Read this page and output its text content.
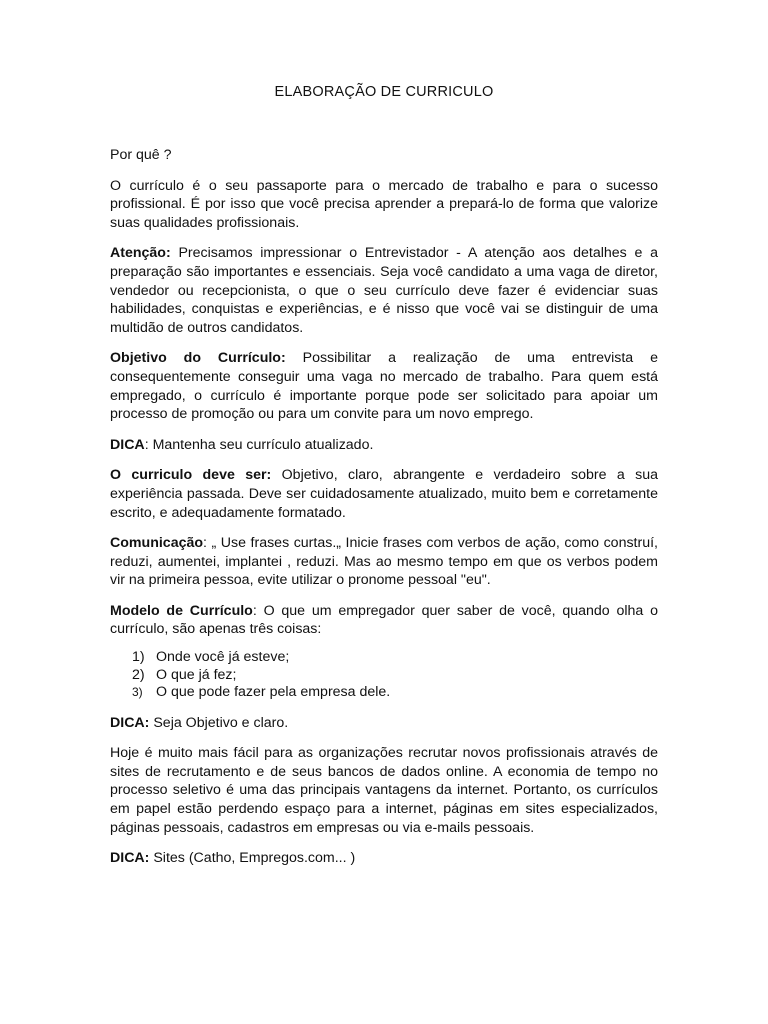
ELABORAÇÃO DE CURRICULO

Por quê ?

O currículo é o seu passaporte para o mercado de trabalho e para o sucesso profissional. É por isso que você precisa aprender a prepará-lo de forma que valorize suas qualidades profissionais.

Atenção: Precisamos impressionar o Entrevistador - A atenção aos detalhes e a preparação são importantes e essenciais. Seja você candidato a uma vaga de diretor, vendedor ou recepcionista, o que o seu currículo deve fazer é evidenciar suas habilidades, conquistas e experiências, e é nisso que você vai se distinguir de uma multidão de outros candidatos.

Objetivo do Currículo: Possibilitar a realização de uma entrevista e consequentemente conseguir uma vaga no mercado de trabalho. Para quem está empregado, o currículo é importante porque pode ser solicitado para apoiar um processo de promoção ou para um convite para um novo emprego.

DICA: Mantenha seu currículo atualizado.

O curriculo deve ser: Objetivo, claro, abrangente e verdadeiro sobre a sua experiência passada. Deve ser cuidadosamente atualizado, muito bem e corretamente escrito, e adequadamente formatado.

Comunicação: „ Use frases curtas.„ Inicie frases com verbos de ação, como construí, reduzi, aumentei, implantei , reduzi. Mas ao mesmo tempo em que os verbos podem vir na primeira pessoa, evite utilizar o pronome pessoal "eu".

Modelo de Currículo: O que um empregador quer saber de você, quando olha o currículo, são apenas três coisas:

1) Onde você já esteve;
2) O que já fez;
3) O que pode fazer pela empresa dele.

DICA: Seja Objetivo e claro.

Hoje é muito mais fácil para as organizações recrutar novos profissionais através de sites de recrutamento e de seus bancos de dados online. A economia de tempo no processo seletivo é uma das principais vantagens da internet. Portanto, os currículos em papel estão perdendo espaço para a internet, páginas em sites especializados, páginas pessoais, cadastros em empresas ou via e-mails pessoais.

DICA: Sites (Catho, Empregos.com... )
